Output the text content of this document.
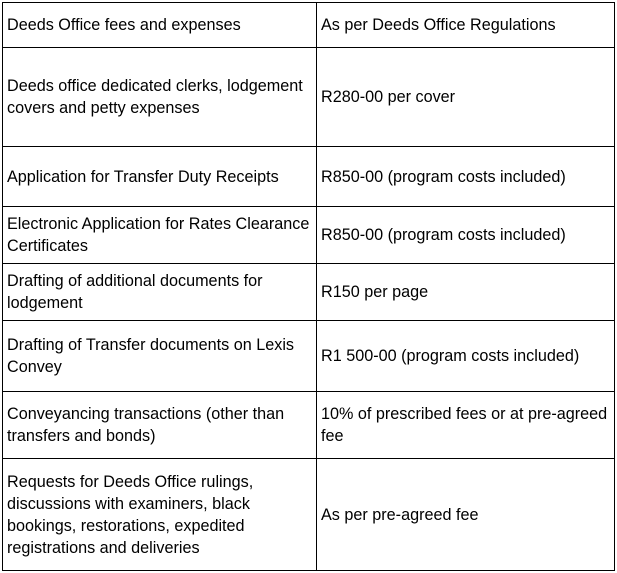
Deeds Office fees and expenses	As per Deeds Office Regulations

Deeds office dedicated clerks, lodgement covers and petty expenses	R280-00 per cover

Application for Transfer Duty Receipts	R850-00 (program costs included)

Electronic Application for Rates Clearance Certificates	R850-00 (program costs included)

Drafting of additional documents for lodgement	R150 per page

Drafting of Transfer documents on Lexis Convey	R1 500-00 (program costs included)

Conveyancing transactions (other than transfers and bonds)	10% of prescribed fees or at pre-agreed fee

Requests for Deeds Office rulings, discussions with examiners, black bookings, restorations, expedited registrations and deliveries	As per pre-agreed fee
